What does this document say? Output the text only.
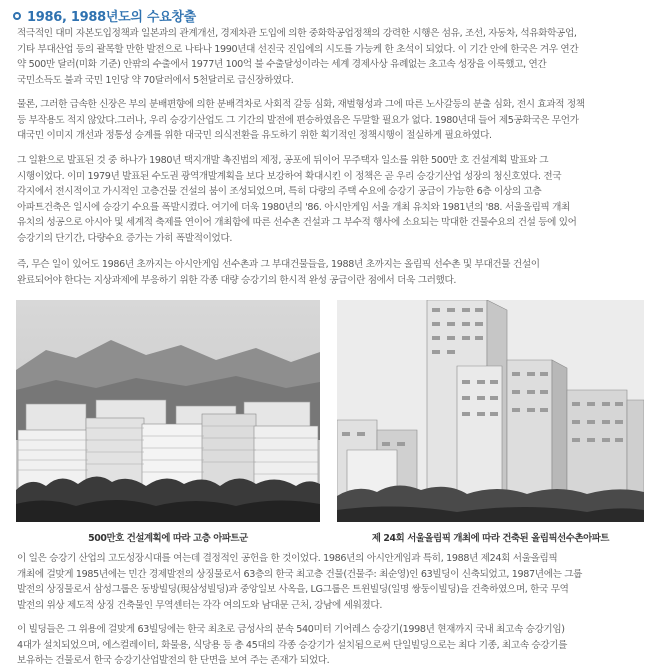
1986, 1988년도의 수요창출

적극적인 대미 자본도입정책과 일본과의 관계개선, 경제차관 도입에 의한 중화학공업정책의 강력한 시행은 섬유, 조선, 자동차, 석유화학공업,
기타 부대산업 등의 괄목할 만한 발전으로 나타나 1990년대 선진국 진입에의 시도를 가능케 한 초석이 되었다. 이 기간 안에 한국은 겨우 연간
약 500만 달러(미화 기준) 안팎의 수출에서 1977년 100억 불 수출달성이라는 세계 경제사상 유례없는 초고속 성장을 이룩했고, 연간
국민소득도 불과 국민 1인당 약 70달러에서 5천달러로 급신장하였다.

물론, 그러한 급속한 신장은 부의 분배편향에 의한 분배격차로 사회적 갈등 심화, 재벌형성과 그에 따른 노사갈등의 분출 심화, 전시 효과적 정책
등 부작용도 적지 않았다.그러나, 우리 승강기산업도 그 기간의 발전에 편승하였음은 두말할 필요가 없다. 1980년대 들어 제5공화국은 무언가
대국민 이미지 개선과 정통성 승계를 위한 대국민 의식전환을 유도하기 위한 획기적인 정책시행이 절실하게 필요하였다.

그 일환으로 발표된 것 중 하나가 1980년 택지개발 촉진법의 제정, 공포에 뒤이어 무주택자 일소를 위한 500만 호 건설계획 발표와 그
시행이었다. 이미 1979년 발표된 수도권 광역개발계획을 보다 보강하여 확대시킨 이 정책은 곧 우리 승강기산업 성장의 청신호였다. 전국
각지에서 전시적이고 가시적인 고층건물 건설의 붐이 조성되었으며, 특히 다량의 주택 수요에 승강기 공급이 가능한 6층 이상의 고층
아파트건축은 일시에 승강기 수요를 폭발시켰다. 여기에 더욱 1980년의 '86. 아시안게임 서울 개최 유치와 1981년의 '88. 서울올림픽 개최
유치의 성공으로 아시아 및 세계적 축제를 연이어 개최함에 따른 선수촌 건설과 그 부수적 행사에 소요되는 막대한 건물수요의 건설 등에 있어
승강기의 단기간, 다량수요 증가는 가히 폭발적이었다.

즉, 무슨 일이 있어도 1986년 초까지는 아시안게임 선수촌과 그 부대건물들을, 1988년 초까지는 올림픽 선수촌 및 부대건물 건설이
완료되어야 한다는 지상과제에 부응하기 위한 각종 대량 승강기의 한시적 완성 공급이란 점에서 더욱 그러했다.

500만호 건설계획에 따라 고층 아파트군	제 24회 서울올림픽 개최에 따라 건축된 올림픽선수촌아파트

이 일은 승강기 산업의 고도성장시대를 여는데 결정적인 공헌을 한 것이었다. 1986년의 아시안게임과 특히, 1988년 제24회 서울올림픽
개최에 걸맞게 1985년에는 민간 경제발전의 상징물로서 63층의 한국 최고층 건물(건물주: 최순영)인 63빌딩이 신축되었고, 1987년에는 그룹
발전의 상징물로서 삼성그룹은 동방빌딩(現삼성빌딩)과 중앙일보 사옥을, LG그룹은 트윈빌딩(일명 쌍둥이빌딩)을 건축하였으며, 한국 무역
발전의 위상 제도적 상징 건축물인 무역센터는 각각 여의도와 남대문 근처, 강남에 세워졌다.

이 빌딩들은 그 위용에 걸맞게 63빌딩에는 한국 최초로 금성사의 분속 540미터 기어레스 승강기(1998년 현재까지 국내 최고속 승강기임)
4대가 설치되었으며, 에스컬레이터, 화물용, 식당용 등 총 45대의 각종 승강기가 설치됨으로써 단일빌딩으로는 최다 기종, 최고속 승강기를
보유하는 건물로서 한국 승강기산업발전의 한 단면을 보여 주는 존재가 되었다.
